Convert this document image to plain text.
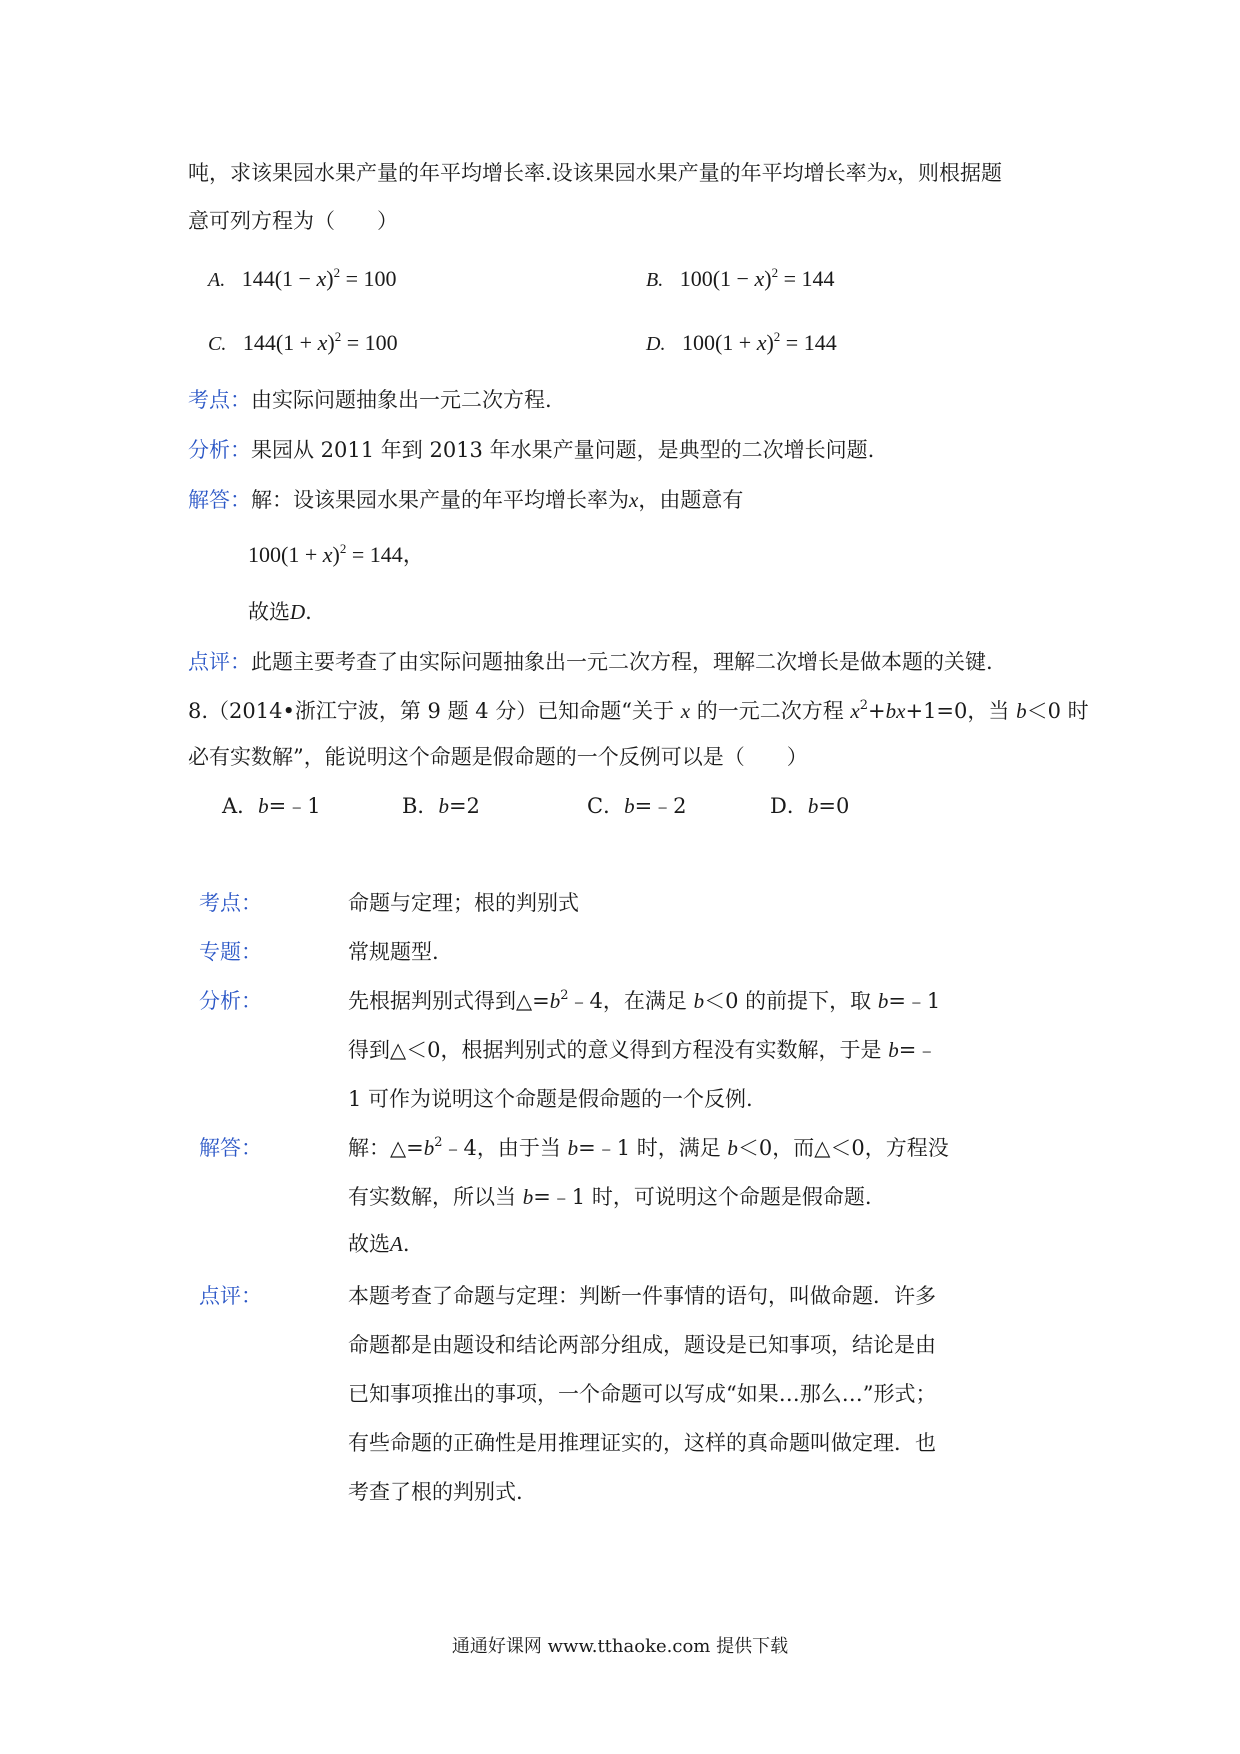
吨，求该果园水果产量的年平均增长率.设该果园水果产量的年平均增长率为x，则根据题
意可列方程为（　　）
A. $144(1 - x)^2 = 100$	B. $100(1 - x)^2 = 144$
C. $144(1 + x)^2 = 100$	D. $100(1 + x)^2 = 144$
考点：由实际问题抽象出一元二次方程.
分析：果园从 2011 年到 2013 年水果产量问题，是典型的二次增长问题.
解答：解：设该果园水果产量的年平均增长率为x，由题意有
$100(1 + x)^2 = 144$，
故选D.
点评：此题主要考查了由实际问题抽象出一元二次方程，理解二次增长是做本题的关键.
8.（2014•浙江宁波，第 9 题 4 分）已知命题“关于 x 的一元二次方程 $x^2+bx+1=0$，当 b＜0 时
必有实数解”，能说明这个命题是假命题的一个反例可以是（　　）
A．b=﹣1	B．b=2	C．b=﹣2	D．b=0
考点：	命题与定理；根的判别式
专题：	常规题型.
分析：	先根据判别式得到$\triangle=b^2﹣4$，在满足 b＜0 的前提下，取 b=﹣1
得到△＜0，根据判别式的意义得到方程没有实数解，于是 b=﹣
1 可作为说明这个命题是假命题的一个反例.
解答：	解：$\triangle=b^2﹣4$，由于当 b=﹣1 时，满足 b＜0，而△＜0，方程没
有实数解，所以当 b=﹣1 时，可说明这个命题是假命题.
故选A.
点评：	本题考查了命题与定理：判断一件事情的语句，叫做命题．许多
命题都是由题设和结论两部分组成，题设是已知事项，结论是由
已知事项推出的事项，一个命题可以写成“如果…那么…”形式；
有些命题的正确性是用推理证实的，这样的真命题叫做定理．也
考查了根的判别式.
通通好课网 www.tthaoke.com 提供下载
